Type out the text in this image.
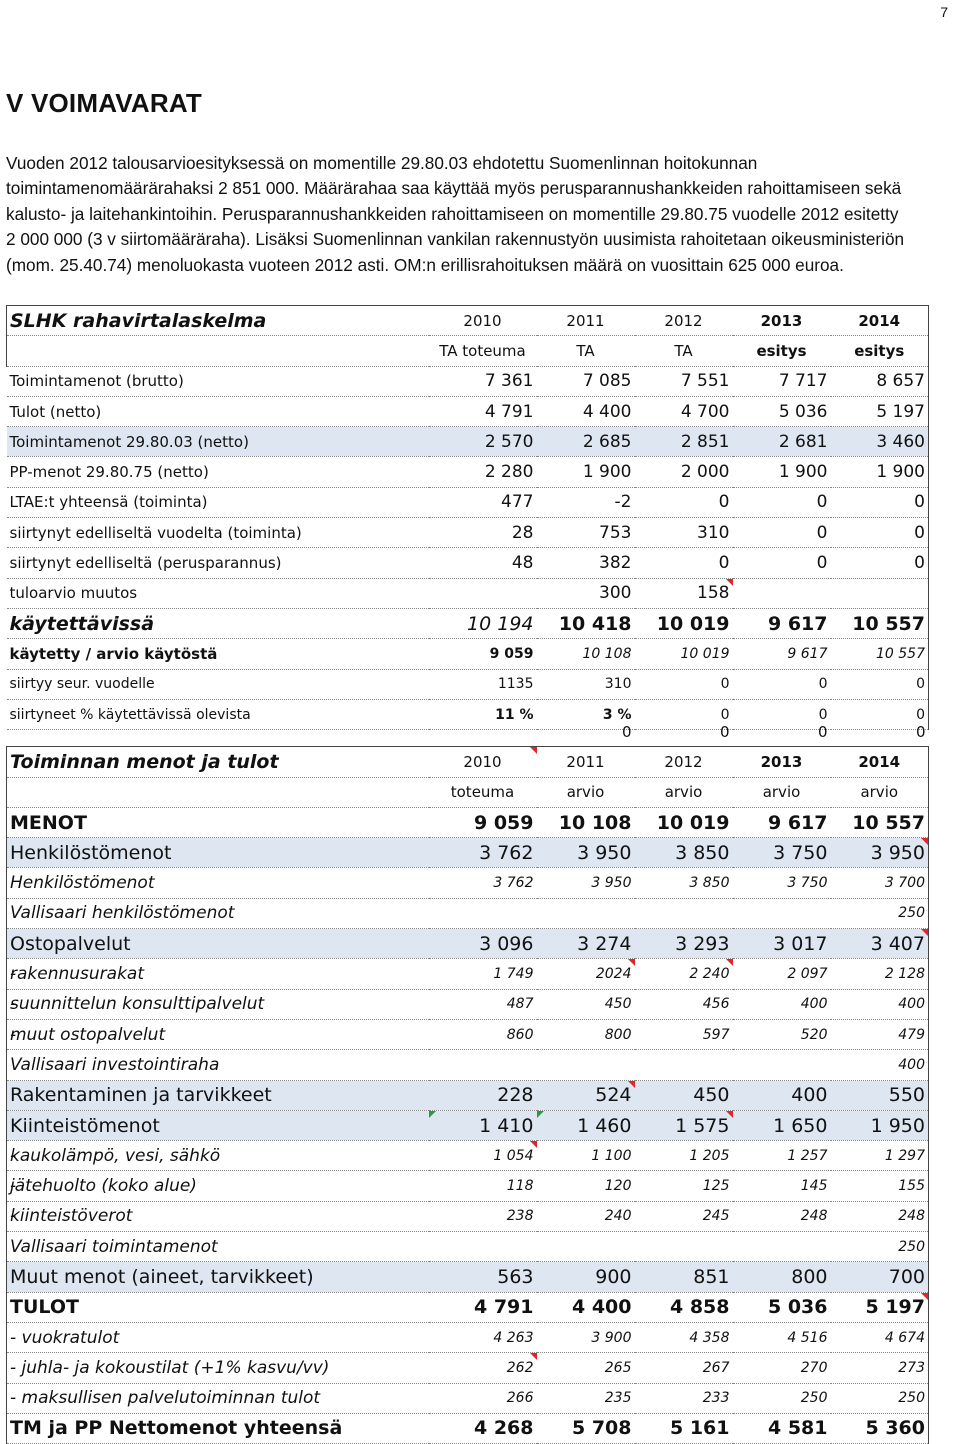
7
V VOIMAVARAT
Vuoden 2012 talousarvioesityksessä on momentille 29.80.03 ehdotettu Suomenlinnan hoitokunnan
toimintamenomäärärahaksi 2 851 000. Määrärahaa saa käyttää myös perusparannushankkeiden rahoittamiseen sekä
kalusto- ja laitehankintoihin. Perusparannushankkeiden rahoittamiseen on momentille 29.80.75 vuodelle 2012 esitetty
2 000 000 (3 v siirtomääräraha). Lisäksi Suomenlinnan vankilan rakennustyön uusimista rahoitetaan oikeusministeriön
(mom. 25.40.74) menoluokasta vuoteen 2012 asti. OM:n erillisrahoituksen määrä on vuosittain 625 000 euroa.
SLHK rahavirtalaskelma	2010	2011	2012	2013	2014
	TA toteuma	TA	TA	esitys	esitys
Toimintamenot (brutto)	7 361	7 085	7 551	7 717	8 657
Tulot (netto)	4 791	4 400	4 700	5 036	5 197
Toimintamenot 29.80.03 (netto)	2 570	2 685	2 851	2 681	3 460
PP-menot 29.80.75 (netto)	2 280	1 900	2 000	1 900	1 900
LTAE:t yhteensä (toiminta)	477	-2	0	0	0
siirtynyt edelliseltä vuodelta (toiminta)	28	753	310	0	0
siirtynyt edelliseltä (perusparannus)	48	382	0	0	0
tuloarvio muutos		300	158		
käytettävissä	10 194	10 418	10 019	9 617	10 557
käytetty / arvio käytöstä	9 059	10 108	10 019	9 617	10 557
siirtyy seur. vuodelle	1135	310	0	0	0
siirtyneet % käytettävissä olevista	11 %	3 %	0	0	0
		0	0	0	0
Toiminnan menot ja tulot	2010	2011	2012	2013	2014
	toteuma	arvio	arvio	arvio	arvio
MENOT	9 059	10 108	10 019	9 617	10 557
Henkilöstömenot	3 762	3 950	3 850	3 750	3 950
Henkilöstömenot	3 762	3 950	3 850	3 750	3 700
Vallisaari henkilöstömenot					250
Ostopalvelut	3 096	3 274	3 293	3 017	3 407
- rakennusurakat	1 749	2024	2 240	2 097	2 128
- suunnittelun konsulttipalvelut	487	450	456	400	400
- muut ostopalvelut	860	800	597	520	479
Vallisaari investointiraha					400
Rakentaminen ja tarvikkeet	228	524	450	400	550
Kiinteistömenot	1 410	1 460	1 575	1 650	1 950
- kaukolämpö, vesi, sähkö	1 054	1 100	1 205	1 257	1 297
- jätehuolto (koko alue)	118	120	125	145	155
- kiinteistöverot	238	240	245	248	248
Vallisaari toimintamenot					250
Muut menot (aineet, tarvikkeet)	563	900	851	800	700
TULOT	4 791	4 400	4 858	5 036	5 197
- vuokratulot	4 263	3 900	4 358	4 516	4 674
- juhla- ja kokoustilat (+1% kasvu/vv)	262	265	267	270	273
- maksullisen palvelutoiminnan tulot	266	235	233	250	250
TM ja PP Nettomenot yhteensä	4 268	5 708	5 161	4 581	5 360
